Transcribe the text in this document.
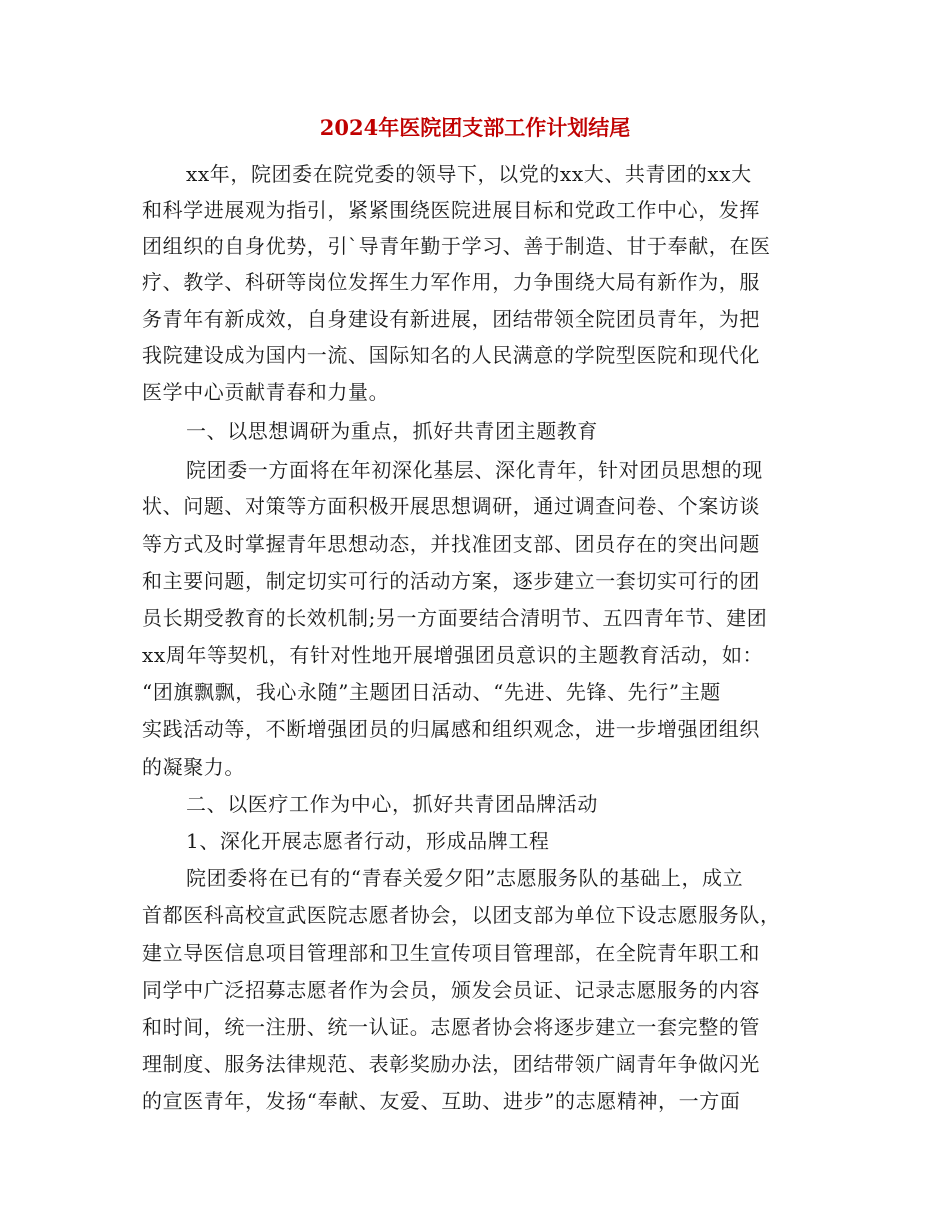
2024年医院团支部工作计划结尾
xx年，院团委在院党委的领导下，以党的xx大、共青团的xx大
和科学进展观为指引，紧紧围绕医院进展目标和党政工作中心，发挥
团组织的自身优势，引`导青年勤于学习、善于制造、甘于奉献，在医
疗、教学、科研等岗位发挥生力军作用，力争围绕大局有新作为，服
务青年有新成效，自身建设有新进展，团结带领全院团员青年，为把
我院建设成为国内一流、国际知名的人民满意的学院型医院和现代化
医学中心贡献青春和力量。
一、以思想调研为重点，抓好共青团主题教育
院团委一方面将在年初深化基层、深化青年，针对团员思想的现
状、问题、对策等方面积极开展思想调研，通过调查问卷、个案访谈
等方式及时掌握青年思想动态，并找准团支部、团员存在的突出问题
和主要问题，制定切实可行的活动方案，逐步建立一套切实可行的团
员长期受教育的长效机制;另一方面要结合清明节、五四青年节、建团
xx周年等契机，有针对性地开展增强团员意识的主题教育活动，如：
“团旗飘飘，我心永随”主题团日活动、“先进、先锋、先行”主题
实践活动等，不断增强团员的归属感和组织观念，进一步增强团组织
的凝聚力。
二、以医疗工作为中心，抓好共青团品牌活动
1、深化开展志愿者行动，形成品牌工程
院团委将在已有的“青春关爱夕阳”志愿服务队的基础上，成立
首都医科高校宣武医院志愿者协会，以团支部为单位下设志愿服务队，
建立导医信息项目管理部和卫生宣传项目管理部，在全院青年职工和
同学中广泛招募志愿者作为会员，颁发会员证、记录志愿服务的内容
和时间，统一注册、统一认证。志愿者协会将逐步建立一套完整的管
理制度、服务法律规范、表彰奖励办法，团结带领广阔青年争做闪光
的宣医青年，发扬“奉献、友爱、互助、进步”的志愿精神，一方面
